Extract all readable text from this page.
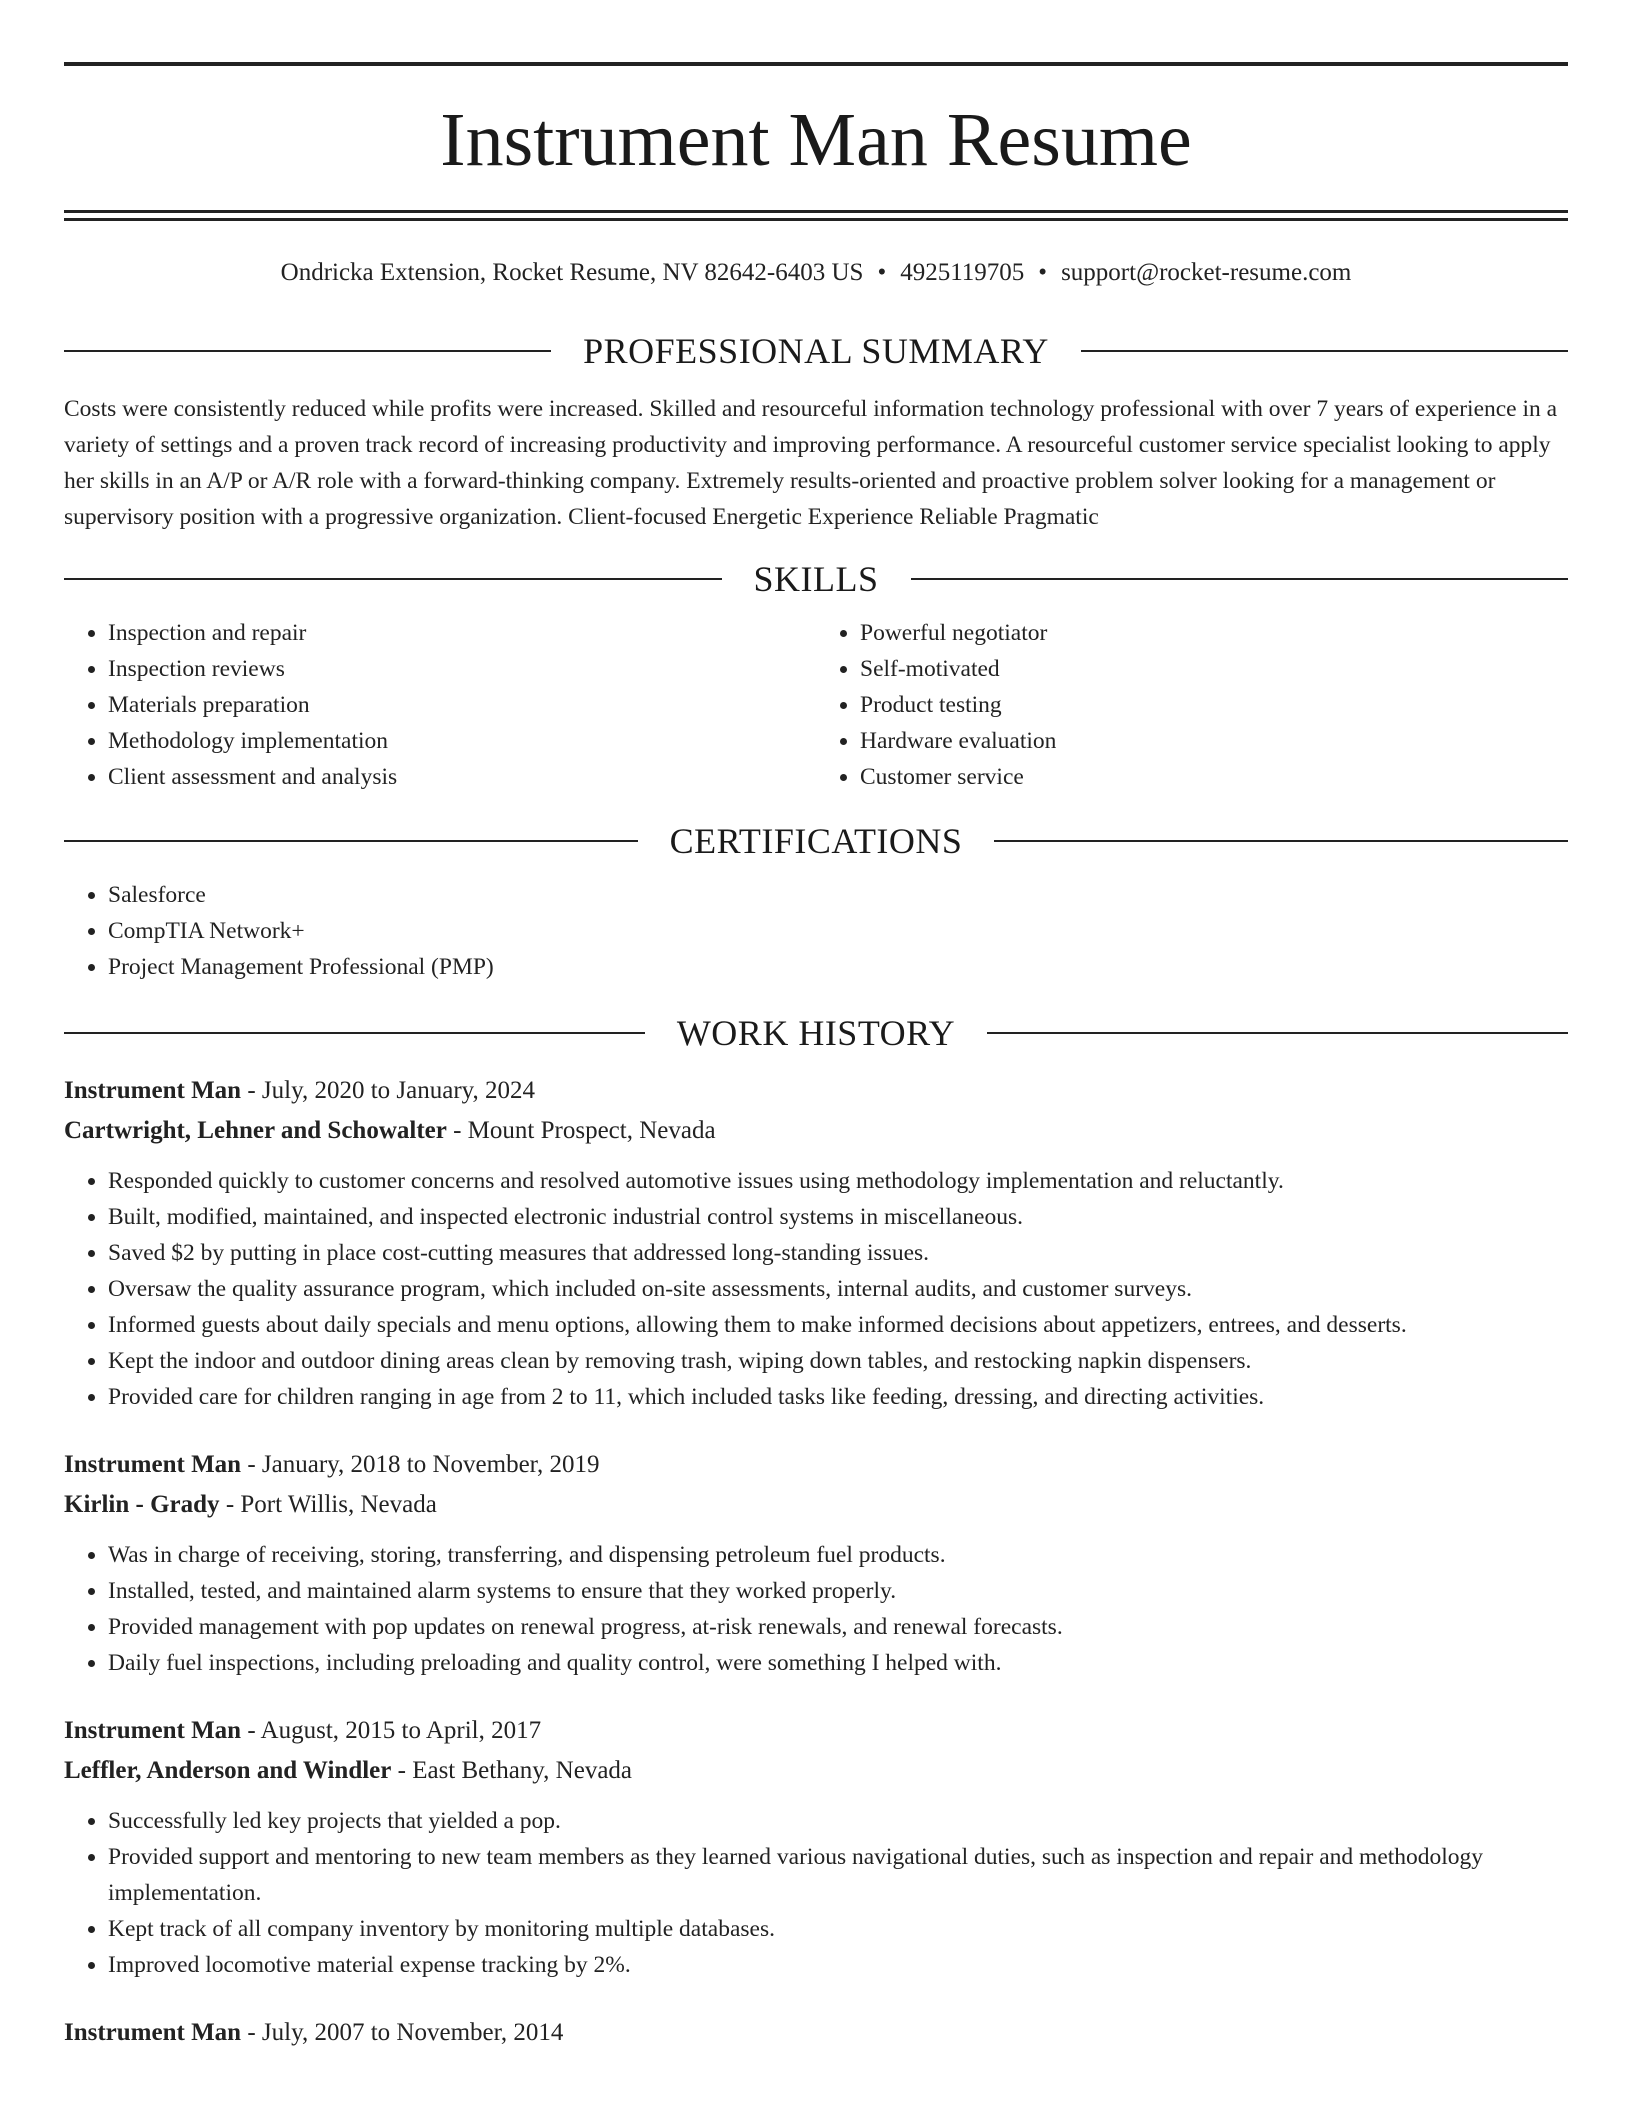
Instrument Man Resume
Ondricka Extension, Rocket Resume, NV 82642-6403 US • 4925119705 • support@rocket-resume.com
PROFESSIONAL SUMMARY

Costs were consistently reduced while profits were increased. Skilled and resourceful information technology professional with over 7 years of experience in a variety of settings and a proven track record of increasing productivity and improving performance. A resourceful customer service specialist looking to apply her skills in an A/P or A/R role with a forward-thinking company. Extremely results-oriented and proactive problem solver looking for a management or supervisory position with a progressive organization. Client-focused Energetic Experience Reliable Pragmatic

SKILLS
• Inspection and repair
• Inspection reviews
• Materials preparation
• Methodology implementation
• Client assessment and analysis
• Powerful negotiator
• Self-motivated
• Product testing
• Hardware evaluation
• Customer service
CERTIFICATIONS
• Salesforce
• CompTIA Network+
• Project Management Professional (PMP)
WORK HISTORY
Instrument Man - July, 2020 to January, 2024
Cartwright, Lehner and Schowalter - Mount Prospect, Nevada
• Responded quickly to customer concerns and resolved automotive issues using methodology implementation and reluctantly.
• Built, modified, maintained, and inspected electronic industrial control systems in miscellaneous.
• Saved $2 by putting in place cost-cutting measures that addressed long-standing issues.
• Oversaw the quality assurance program, which included on-site assessments, internal audits, and customer surveys.
• Informed guests about daily specials and menu options, allowing them to make informed decisions about appetizers, entrees, and desserts.
• Kept the indoor and outdoor dining areas clean by removing trash, wiping down tables, and restocking napkin dispensers.
• Provided care for children ranging in age from 2 to 11, which included tasks like feeding, dressing, and directing activities.
Instrument Man - January, 2018 to November, 2019
Kirlin - Grady - Port Willis, Nevada
• Was in charge of receiving, storing, transferring, and dispensing petroleum fuel products.
• Installed, tested, and maintained alarm systems to ensure that they worked properly.
• Provided management with pop updates on renewal progress, at-risk renewals, and renewal forecasts.
• Daily fuel inspections, including preloading and quality control, were something I helped with.
Instrument Man - August, 2015 to April, 2017
Leffler, Anderson and Windler - East Bethany, Nevada
• Successfully led key projects that yielded a pop.
• Provided support and mentoring to new team members as they learned various navigational duties, such as inspection and repair and methodology implementation.
• Kept track of all company inventory by monitoring multiple databases.
• Improved locomotive material expense tracking by 2%.
Instrument Man - July, 2007 to November, 2014
